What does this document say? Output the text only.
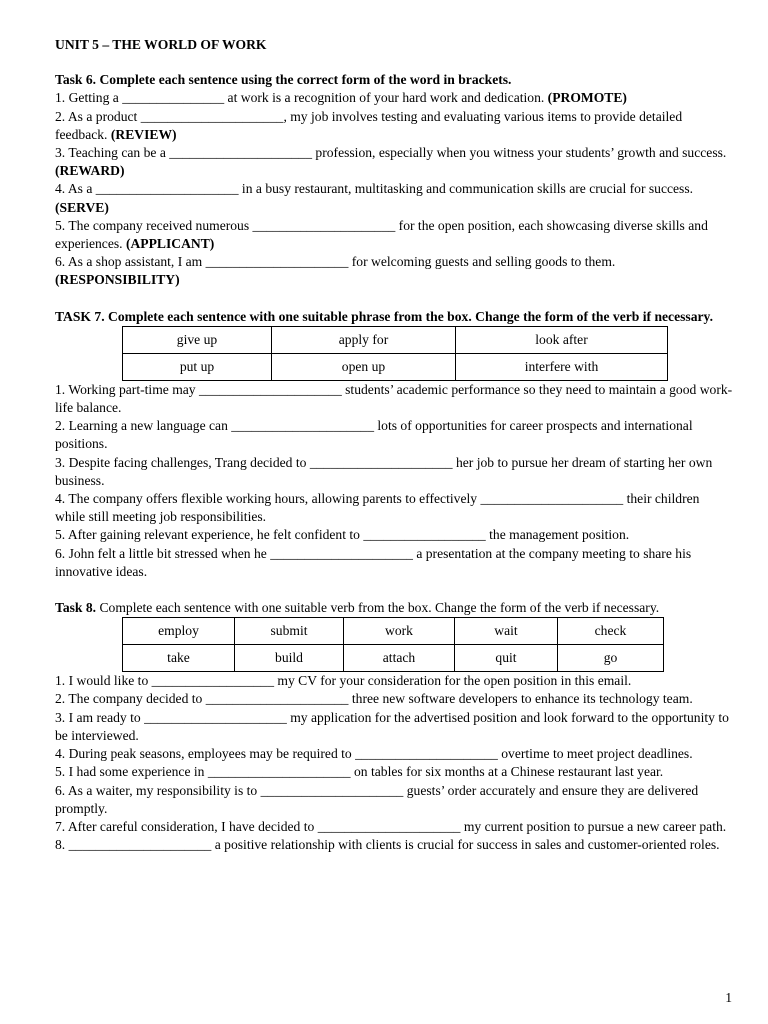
UNIT 5 – THE WORLD OF WORK
Task 6. Complete each sentence using the correct form of the word in brackets.
1. Getting a _______________ at work is a recognition of your hard work and dedication. (PROMOTE)
2. As a product _____________________, my job involves testing and evaluating various items to provide detailed feedback. (REVIEW)
3. Teaching can be a _____________________ profession, especially when you witness your students’ growth and success. (REWARD)
4. As a _____________________ in a busy restaurant, multitasking and communication skills are crucial for success. (SERVE)
5. The company received numerous _____________________ for the open position, each showcasing diverse skills and experiences. (APPLICANT)
6. As a shop assistant, I am _____________________ for welcoming guests and selling goods to them. (RESPONSIBILITY)
TASK 7. Complete each sentence with one suitable phrase from the box. Change the form of the verb if necessary.
give up	apply for	look after
put up	open up	interfere with
1. Working part-time may _____________________ students’ academic performance so they need to maintain a good work-life balance.
2. Learning a new language can _____________________ lots of opportunities for career prospects and international positions.
3. Despite facing challenges, Trang decided to _____________________ her job to pursue her dream of starting her own business.
4. The company offers flexible working hours, allowing parents to effectively _____________________ their children while still meeting job responsibilities.
5. After gaining relevant experience, he felt confident to __________________ the management position.
6. John felt a little bit stressed when he _____________________ a presentation at the company meeting to share his innovative ideas.
Task 8. Complete each sentence with one suitable verb from the box. Change the form of the verb if necessary.
employ	submit	work	wait	check
take	build	attach	quit	go
1. I would like to __________________ my CV for your consideration for the open position in this email.
2. The company decided to _____________________ three new software developers to enhance its technology team.
3. I am ready to _____________________ my application for the advertised position and look forward to the opportunity to be interviewed.
4. During peak seasons, employees may be required to _____________________ overtime to meet project deadlines.
5. I had some experience in _____________________ on tables for six months at a Chinese restaurant last year.
6. As a waiter, my responsibility is to _____________________ guests’ order accurately and ensure they are delivered promptly.
7. After careful consideration, I have decided to _____________________ my current position to pursue a new career path.
8. _____________________ a positive relationship with clients is crucial for success in sales and customer-oriented roles.
1
